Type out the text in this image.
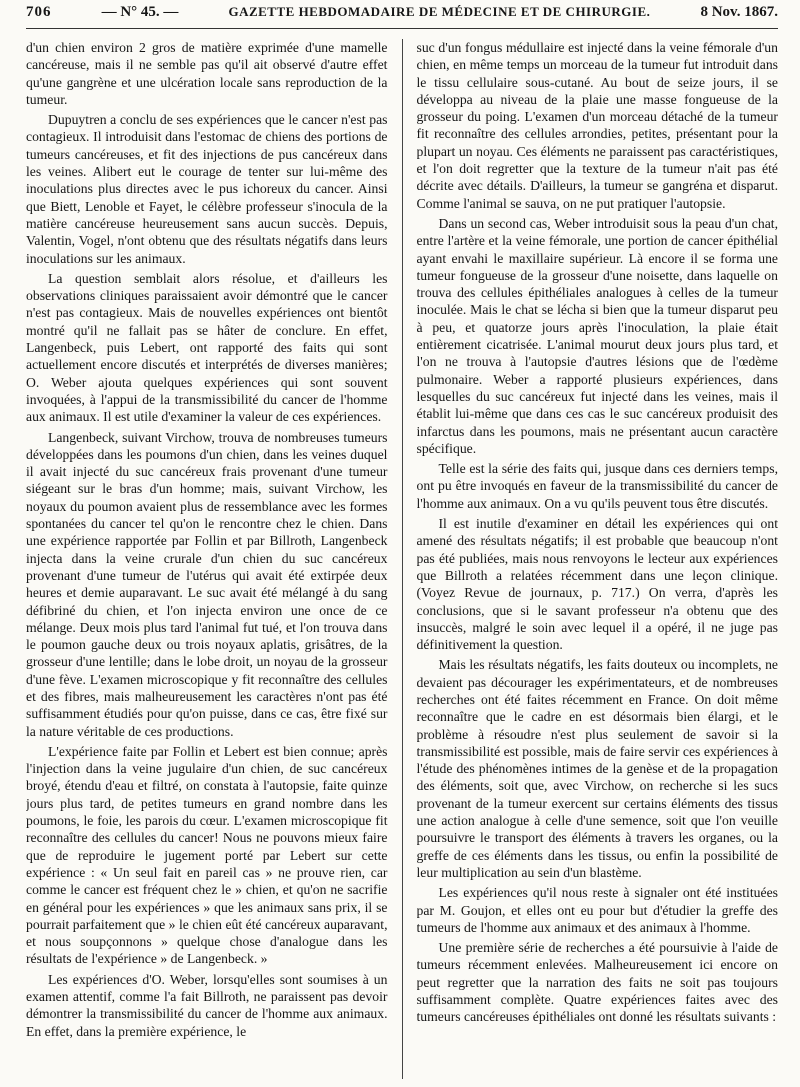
706	— N° 45. —	GAZETTE HEBDOMADAIRE DE MÉDECINE ET DE CHIRURGIE.	8 Nov. 1867.

d'un chien environ 2 gros de matière exprimée d'une mamelle cancéreuse, mais il ne semble pas qu'il ait observé d'autre effet qu'une gangrène et une ulcération locale sans reproduction de la tumeur.

Dupuytren a conclu de ses expériences que le cancer n'est pas contagieux. Il introduisit dans l'estomac de chiens des portions de tumeurs cancéreuses, et fit des injections de pus cancéreux dans les veines. Alibert eut le courage de tenter sur lui-même des inoculations plus directes avec le pus ichoreux du cancer. Ainsi que Biett, Lenoble et Fayet, le célèbre professeur s'inocula de la matière cancéreuse heureusement sans aucun succès. Depuis, Valentin, Vogel, n'ont obtenu que des résultats négatifs dans leurs inoculations sur les animaux.

La question semblait alors résolue, et d'ailleurs les observations cliniques paraissaient avoir démontré que le cancer n'est pas contagieux. Mais de nouvelles expériences ont bientôt montré qu'il ne fallait pas se hâter de conclure. En effet, Langenbeck, puis Lebert, ont rapporté des faits qui sont actuellement encore discutés et interprétés de diverses manières; O. Weber ajouta quelques expériences qui sont souvent invoquées, à l'appui de la transmissibilité du cancer de l'homme aux animaux. Il est utile d'examiner la valeur de ces expériences.

Langenbeck, suivant Virchow, trouva de nombreuses tumeurs développées dans les poumons d'un chien, dans les veines duquel il avait injecté du suc cancéreux frais provenant d'une tumeur siégeant sur le bras d'un homme; mais, suivant Virchow, les noyaux du poumon avaient plus de ressemblance avec les formes spontanées du cancer tel qu'on le rencontre chez le chien. Dans une expérience rapportée par Follin et par Billroth, Langenbeck injecta dans la veine crurale d'un chien du suc cancéreux provenant d'une tumeur de l'utérus qui avait été extirpée deux heures et demie auparavant. Le suc avait été mélangé à du sang défibriné du chien, et l'on injecta environ une once de ce mélange. Deux mois plus tard l'animal fut tué, et l'on trouva dans le poumon gauche deux ou trois noyaux aplatis, grisâtres, de la grosseur d'une lentille; dans le lobe droit, un noyau de la grosseur d'une fève. L'examen microscopique y fit reconnaître des cellules et des fibres, mais malheureusement les caractères n'ont pas été suffisamment étudiés pour qu'on puisse, dans ce cas, être fixé sur la nature véritable de ces productions.

L'expérience faite par Follin et Lebert est bien connue; après l'injection dans la veine jugulaire d'un chien, de suc cancéreux broyé, étendu d'eau et filtré, on constata à l'autopsie, faite quinze jours plus tard, de petites tumeurs en grand nombre dans les poumons, le foie, les parois du cœur. L'examen microscopique fit reconnaître des cellules du cancer! Nous ne pouvons mieux faire que de reproduire le jugement porté par Lebert sur cette expérience : « Un seul fait en pareil cas » ne prouve rien, car comme le cancer est fréquent chez le » chien, et qu'on ne sacrifie en général pour les expériences » que les animaux sans prix, il se pourrait parfaitement que » le chien eût été cancéreux auparavant, et nous soupçonnons » quelque chose d'analogue dans les résultats de l'expérience » de Langenbeck. »

Les expériences d'O. Weber, lorsqu'elles sont soumises à un examen attentif, comme l'a fait Billroth, ne paraissent pas devoir démontrer la transmissibilité du cancer de l'homme aux animaux. En effet, dans la première expérience, le

suc d'un fongus médullaire est injecté dans la veine fémorale d'un chien, en même temps un morceau de la tumeur fut introduit dans le tissu cellulaire sous-cutané. Au bout de seize jours, il se développa au niveau de la plaie une masse fongueuse de la grosseur du poing. L'examen d'un morceau détaché de la tumeur fit reconnaître des cellules arrondies, petites, présentant pour la plupart un noyau. Ces éléments ne paraissent pas caractéristiques, et l'on doit regretter que la texture de la tumeur n'ait pas été décrite avec détails. D'ailleurs, la tumeur se gangréna et disparut. Comme l'animal se sauva, on ne put pratiquer l'autopsie.

Dans un second cas, Weber introduisit sous la peau d'un chat, entre l'artère et la veine fémorale, une portion de cancer épithélial ayant envahi le maxillaire supérieur. Là encore il se forma une tumeur fongueuse de la grosseur d'une noisette, dans laquelle on trouva des cellules épithéliales analogues à celles de la tumeur inoculée. Mais le chat se lécha si bien que la tumeur disparut peu à peu, et quatorze jours après l'inoculation, la plaie était entièrement cicatrisée. L'animal mourut deux jours plus tard, et l'on ne trouva à l'autopsie d'autres lésions que de l'œdème pulmonaire. Weber a rapporté plusieurs expériences, dans lesquelles du suc cancéreux fut injecté dans les veines, mais il établit lui-même que dans ces cas le suc cancéreux produisit des infarctus dans les poumons, mais ne présentant aucun caractère spécifique.

Telle est la série des faits qui, jusque dans ces derniers temps, ont pu être invoqués en faveur de la transmissibilité du cancer de l'homme aux animaux. On a vu qu'ils peuvent tous être discutés.

Il est inutile d'examiner en détail les expériences qui ont amené des résultats négatifs; il est probable que beaucoup n'ont pas été publiées, mais nous renvoyons le lecteur aux expériences que Billroth a relatées récemment dans une leçon clinique. (Voyez Revue de journaux, p. 717.) On verra, d'après les conclusions, que si le savant professeur n'a obtenu que des insuccès, malgré le soin avec lequel il a opéré, il ne juge pas définitivement la question.

Mais les résultats négatifs, les faits douteux ou incomplets, ne devaient pas décourager les expérimentateurs, et de nombreuses recherches ont été faites récemment en France. On doit même reconnaître que le cadre en est désormais bien élargi, et le problème à résoudre n'est plus seulement de savoir si la transmissibilité est possible, mais de faire servir ces expériences à l'étude des phénomènes intimes de la genèse et de la propagation des éléments, soit que, avec Virchow, on recherche si les sucs provenant de la tumeur exercent sur certains éléments des tissus une action analogue à celle d'une semence, soit que l'on veuille poursuivre le transport des éléments à travers les organes, ou la greffe de ces éléments dans les tissus, ou enfin la possibilité de leur multiplication au sein d'un blastème.

Les expériences qu'il nous reste à signaler ont été instituées par M. Goujon, et elles ont eu pour but d'étudier la greffe des tumeurs de l'homme aux animaux et des animaux à l'homme.

Une première série de recherches a été poursuivie à l'aide de tumeurs récemment enlevées. Malheureusement ici encore on peut regretter que la narration des faits ne soit pas toujours suffisamment complète. Quatre expériences faites avec des tumeurs cancéreuses épithéliales ont donné les résultats suivants :
